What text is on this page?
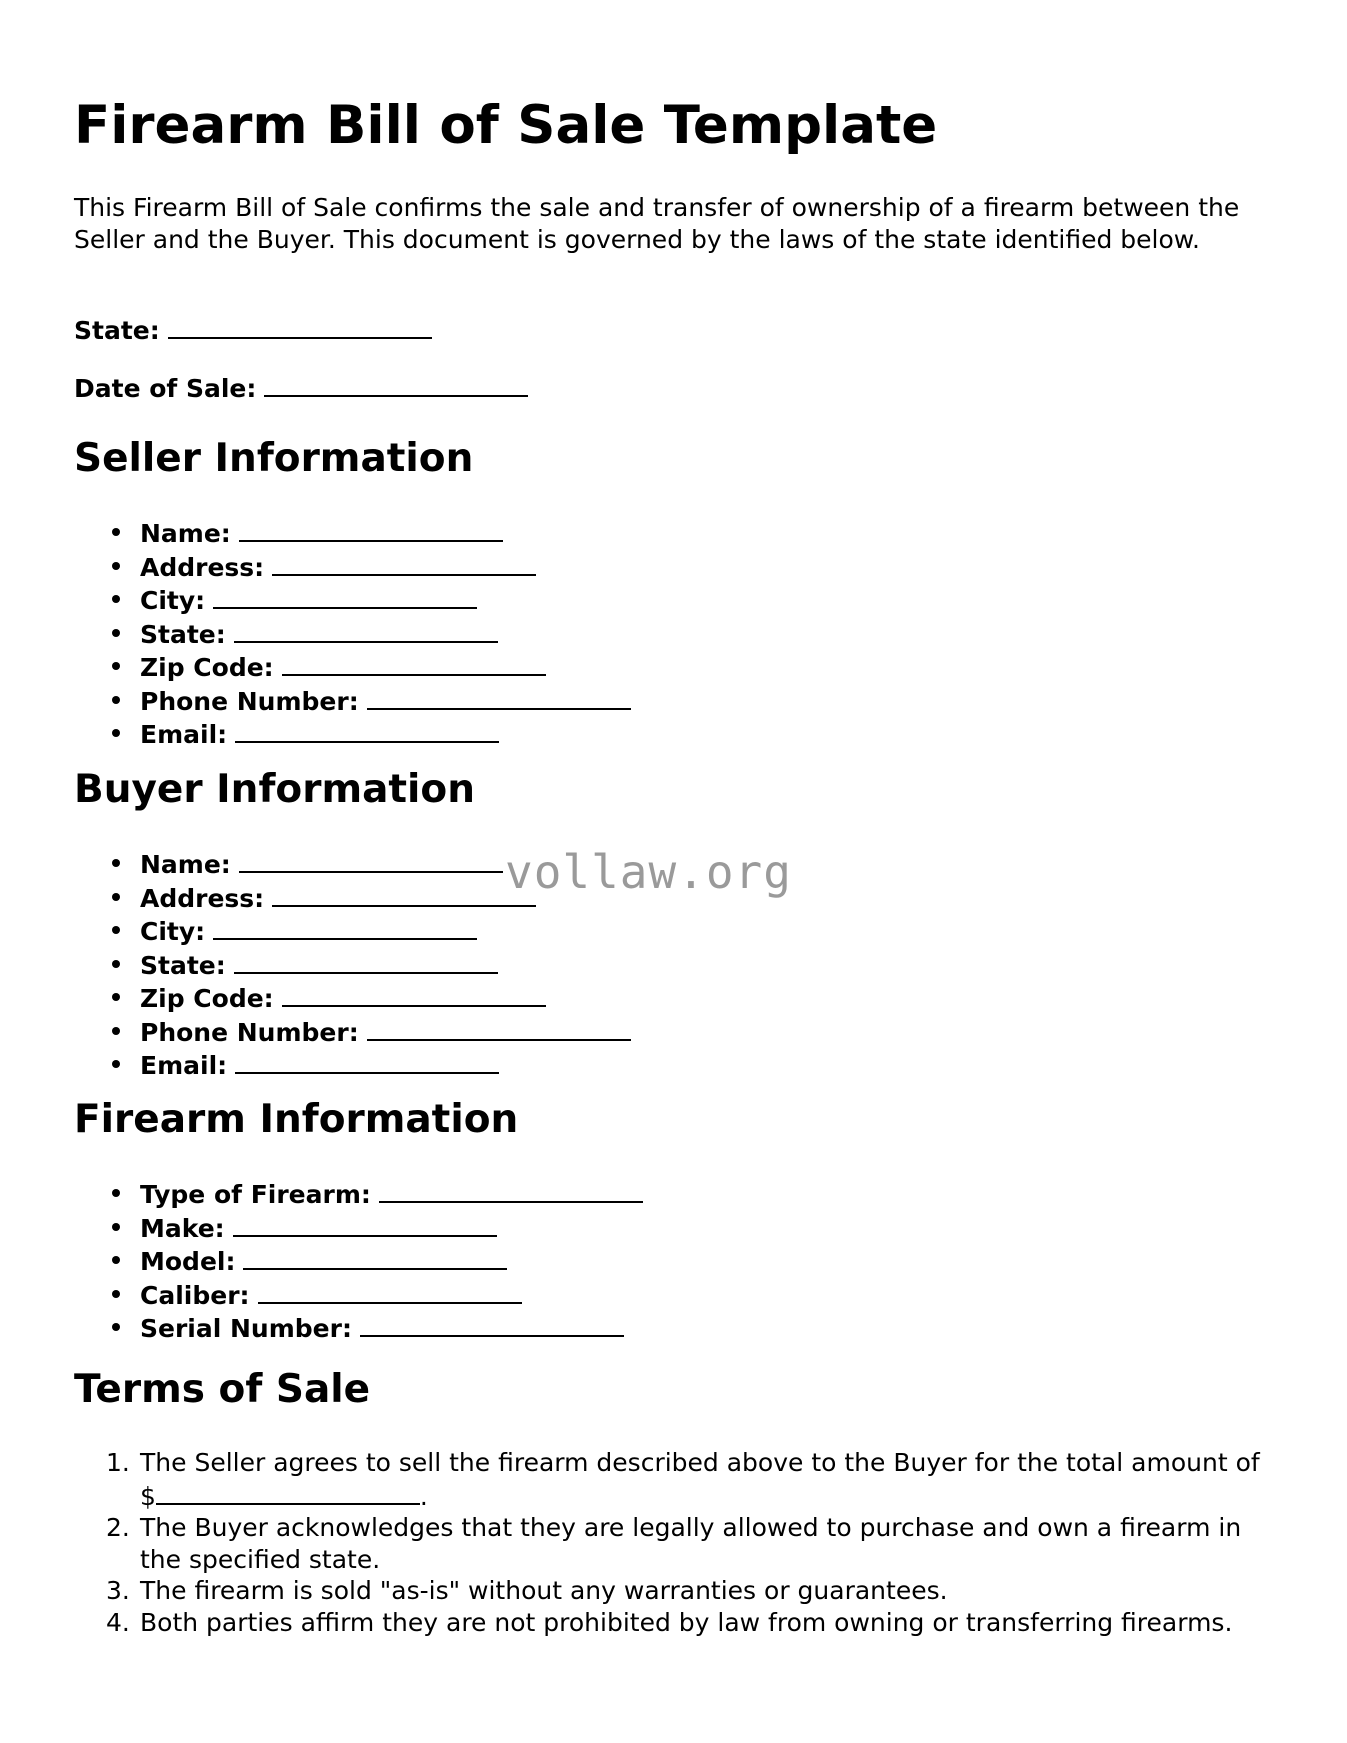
Firearm Bill of Sale Template

This Firearm Bill of Sale confirms the sale and transfer of ownership of a firearm between the Seller and the Buyer. This document is governed by the laws of the state identified below.

State:

Date of Sale:

Seller Information
Name:
Address:
City:
State:
Zip Code:
Phone Number:
Email:
Buyer Information
Name:
Address:
City:
State:
Zip Code:
Phone Number:
Email:
Firearm Information
Type of Firearm:
Make:
Model:
Caliber:
Serial Number:
Terms of Sale
1. The Seller agrees to sell the firearm described above to the Buyer for the total amount of $	.
2. The Buyer acknowledges that they are legally allowed to purchase and own a firearm in the specified state.
3. The firearm is sold "as-is" without any warranties or guarantees.
4. Both parties affirm they are not prohibited by law from owning or transferring firearms.
vollaw.org
